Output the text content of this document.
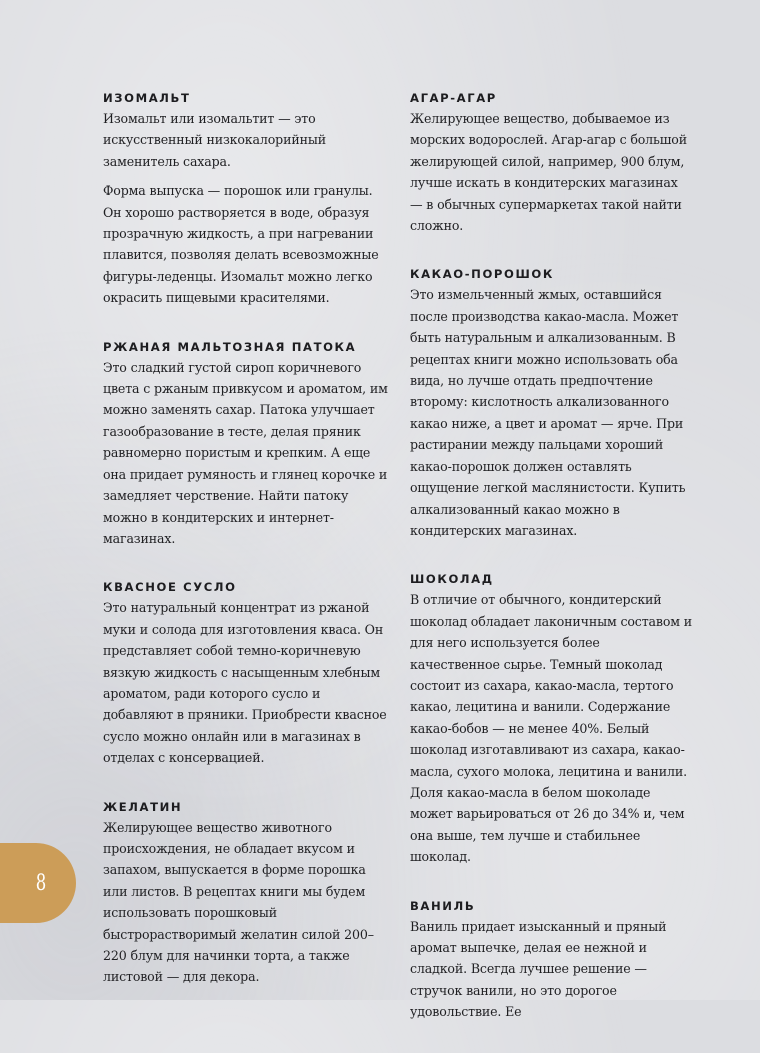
ИЗОМАЛЬТ

Изомальт или изомальтит — это искусственный низкокалорийный заменитель сахара.

Форма выпуска — порошок или гранулы. Он хорошо растворяется в воде, образуя прозрачную жидкость, а при нагревании плавится, позволяя делать всевозможные фигуры-леденцы. Изомальт можно легко окрасить пищевыми красителями.

РЖАНАЯ МАЛЬТОЗНАЯ ПАТОКА

Это сладкий густой сироп коричневого цвета с ржаным привкусом и ароматом, им можно заменять сахар. Патока улучшает газообразование в тесте, делая пряник равномерно пористым и крепким. А еще она придает румяность и глянец корочке и замедляет черствение. Найти патоку можно в кондитерских и интернет-магазинах.

КВАСНОЕ СУСЛО

Это натуральный концентрат из ржаной муки и солода для изготовления кваса. Он представляет собой темно-коричневую вязкую жидкость с насыщенным хлебным ароматом, ради которого сусло и добавляют в пряники. Приобрести квасное сусло можно онлайн или в магазинах в отделах с консервацией.

ЖЕЛАТИН

Желирующее вещество животного происхождения, не обладает вкусом и запахом, выпускается в форме порошка или листов. В рецептах книги мы будем использовать порошковый быстрорастворимый желатин силой 200–220 блум для начинки торта, а также листовой — для декора.

АГАР-АГАР

Желирующее вещество, добываемое из морских водорослей. Агар-агар с большой желирующей силой, например, 900 блум, лучше искать в кондитерских магазинах — в обычных супермаркетах такой найти сложно.

КАКАО-ПОРОШОК

Это измельченный жмых, оставшийся после производства какао-масла. Может быть натуральным и алкализованным. В рецептах книги можно использовать оба вида, но лучше отдать предпочтение второму: кислотность алкализованного какао ниже, а цвет и аромат — ярче. При растирании между пальцами хороший какао-порошок должен оставлять ощущение легкой маслянистости. Купить алкализованный какао можно в кондитерских магазинах.

ШОКОЛАД

В отличие от обычного, кондитерский шоколад обладает лаконичным составом и для него используется более качественное сырье. Темный шоколад состоит из сахара, какао-масла, тертого какао, лецитина и ванили. Содержание какао-бобов — не менее 40%. Белый шоколад изготавливают из сахара, какао-масла, сухого молока, лецитина и ванили. Доля какао-масла в белом шоколаде может варьироваться от 26 до 34% и, чем она выше, тем лучше и стабильнее шоколад.

ВАНИЛЬ

Ваниль придает изысканный и пряный аромат выпечке, делая ее нежной и сладкой. Всегда лучшее решение — стручок ванили, но это дорогое удовольствие. Ее

8
